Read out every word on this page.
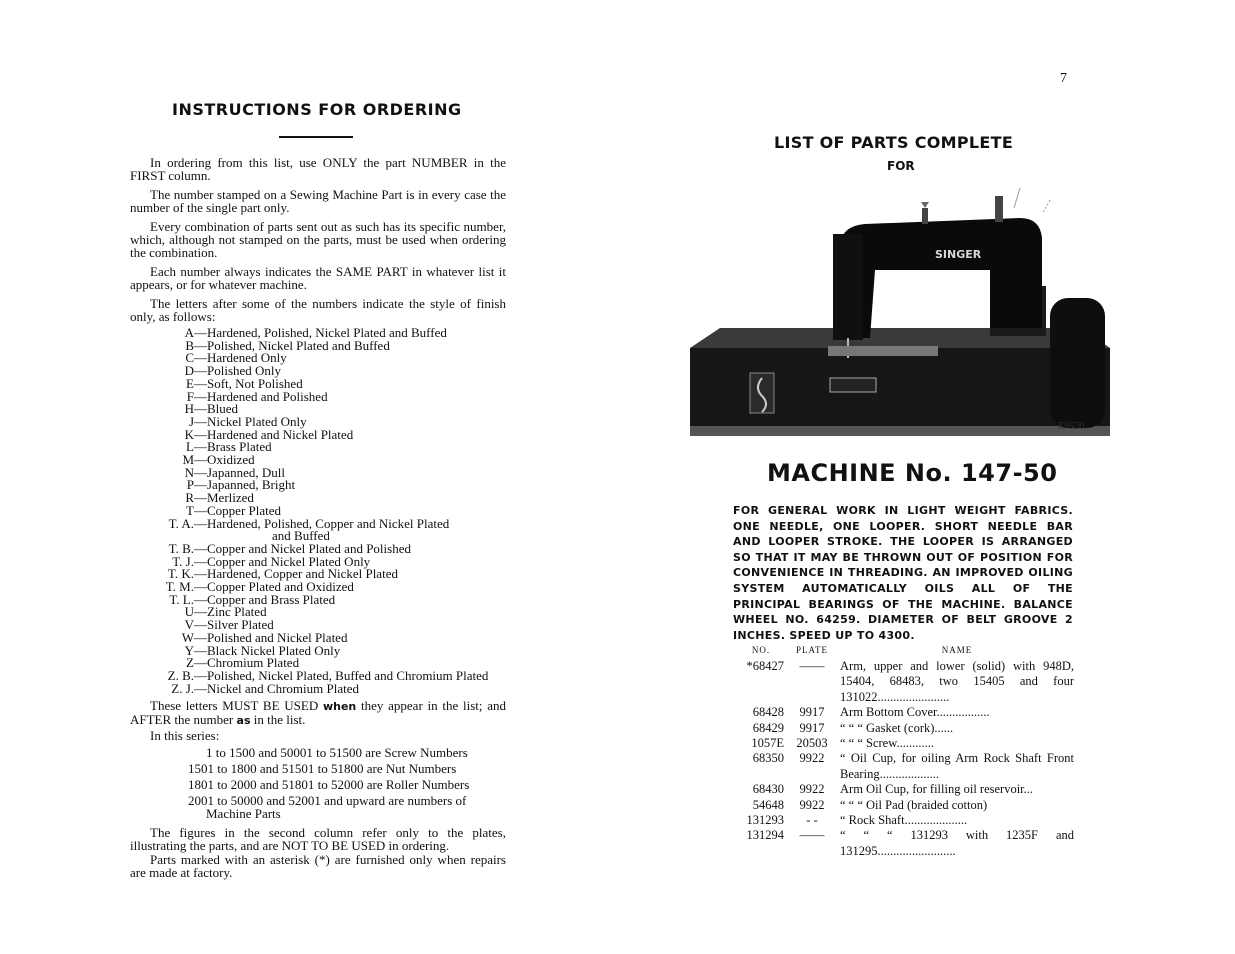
INSTRUCTIONS FOR ORDERING

In ordering from this list, use ONLY the part NUMBER in the FIRST column.

The number stamped on a Sewing Machine Part is in every case the number of the single part only.

Every combination of parts sent out as such has its specific number, which, although not stamped on the parts, must be used when ordering the combination.

Each number always indicates the SAME PART in whatever list it appears, or for whatever machine.

The letters after some of the numbers indicate the style of finish only, as follows:

A —Hardened, Polished, Nickel Plated and Buffed
B —Polished, Nickel Plated and Buffed
C —Hardened Only
D —Polished Only
E —Soft, Not Polished
F —Hardened and Polished
H —Blued
J —Nickel Plated Only
K —Hardened and Nickel Plated
L —Brass Plated
M —Oxidized
N —Japanned, Dull
P —Japanned, Bright
R —Merlized
T —Copper Plated
T. A. —Hardened, Polished, Copper and Nickel Plated
and Buffed
T. B. —Copper and Nickel Plated and Polished
T. J. —Copper and Nickel Plated Only
T. K. —Hardened, Copper and Nickel Plated
T. M. —Copper Plated and Oxidized
T. L. —Copper and Brass Plated
U —Zinc Plated
V —Silver Plated
W —Polished and Nickel Plated
Y —Black Nickel Plated Only
Z —Chromium Plated
Z. B. —Polished, Nickel Plated, Buffed and Chromium Plated
Z. J. —Nickel and Chromium Plated

These letters MUST BE USED when they appear in the list; and AFTER the number as in the list.

In this series:

1 to 1500 and 50001 to 51500 are Screw Numbers
1501 to 1800 and 51501 to 51800 are Nut Numbers
1801 to 2000 and 51801 to 52000 are Roller Numbers
2001 to 50000 and 52001 and upward are numbers of
Machine Parts

The figures in the second column refer only to the plates, illustrating the parts, and are NOT TO BE USED in ordering.

Parts marked with an asterisk (*) are furnished only when repairs are made at factory.

7
LIST OF PARTS COMPLETE
FOR
SINGER
E9520.
MACHINE No. 147-50
FOR GENERAL WORK IN LIGHT WEIGHT FABRICS. ONE NEEDLE, ONE LOOPER. SHORT NEEDLE BAR AND LOOPER STROKE. THE LOOPER IS ARRANGED SO THAT IT MAY BE THROWN OUT OF POSITION FOR CONVENIENCE IN THREADING. AN IMPROVED OILING SYSTEM AUTOMATICALLY OILS ALL OF THE PRINCIPAL BEARINGS OF THE MACHINE. BALANCE WHEEL NO. 64259. DIAMETER OF BELT GROOVE 2 INCHES. SPEED UP TO 4300.
NO.	PLATE	NAME
*68427	——	Arm, upper and lower (solid) with 948D, 15404, 68483, two 15405 and four 131022.......................
68428	9917	Arm Bottom Cover.................
68429	9917	“ “ “ Gasket (cork)......
1057E 20503 “ “ “ Screw............
68350	9922	“ Oil Cup, for oiling Arm Rock Shaft Front Bearing...................
68430	9922	Arm Oil Cup, for filling oil reservoir...
54648	9922	“ “ “ Oil Pad (braided cotton)
131293	- -	“ Rock Shaft....................
131294	——	“ “ “ 131293 with 1235F and 131295.........................
